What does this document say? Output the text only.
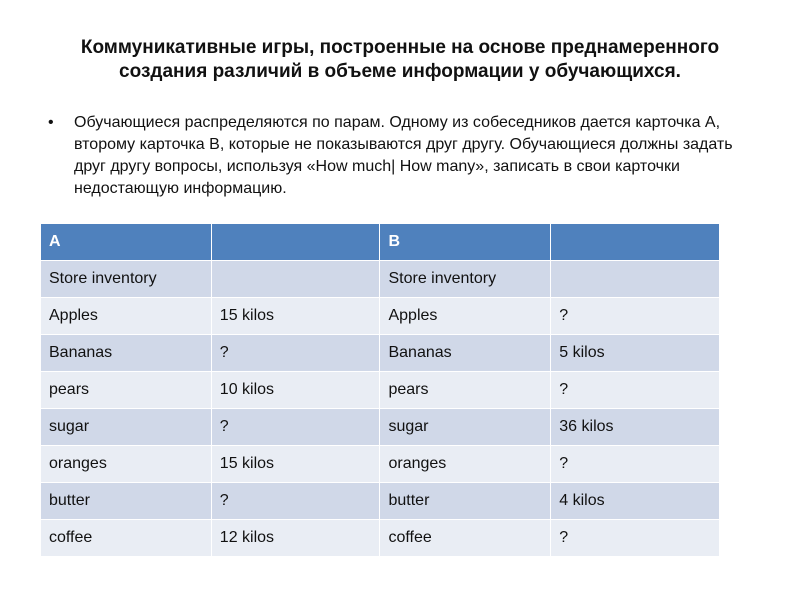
Коммуникативные игры, построенные на основе преднамеренного создания различий в объеме информации у обучающихся.
• Обучающиеся распределяются по парам. Одному из собеседников дается карточка А, второму карточка В, которые не показываются друг другу. Обучающиеся должны задать друг другу вопросы, используя «How much| How many», записать в свои карточки недостающую информацию.
A		B	
Store inventory		Store inventory	
Apples	15 kilos	Apples	?
Bananas	?	Bananas	5 kilos
pears	10 kilos	pears	?
sugar	?	sugar	36 kilos
oranges	15 kilos	oranges	?
butter	?	butter	4 kilos
coffee	12 kilos	coffee	?
